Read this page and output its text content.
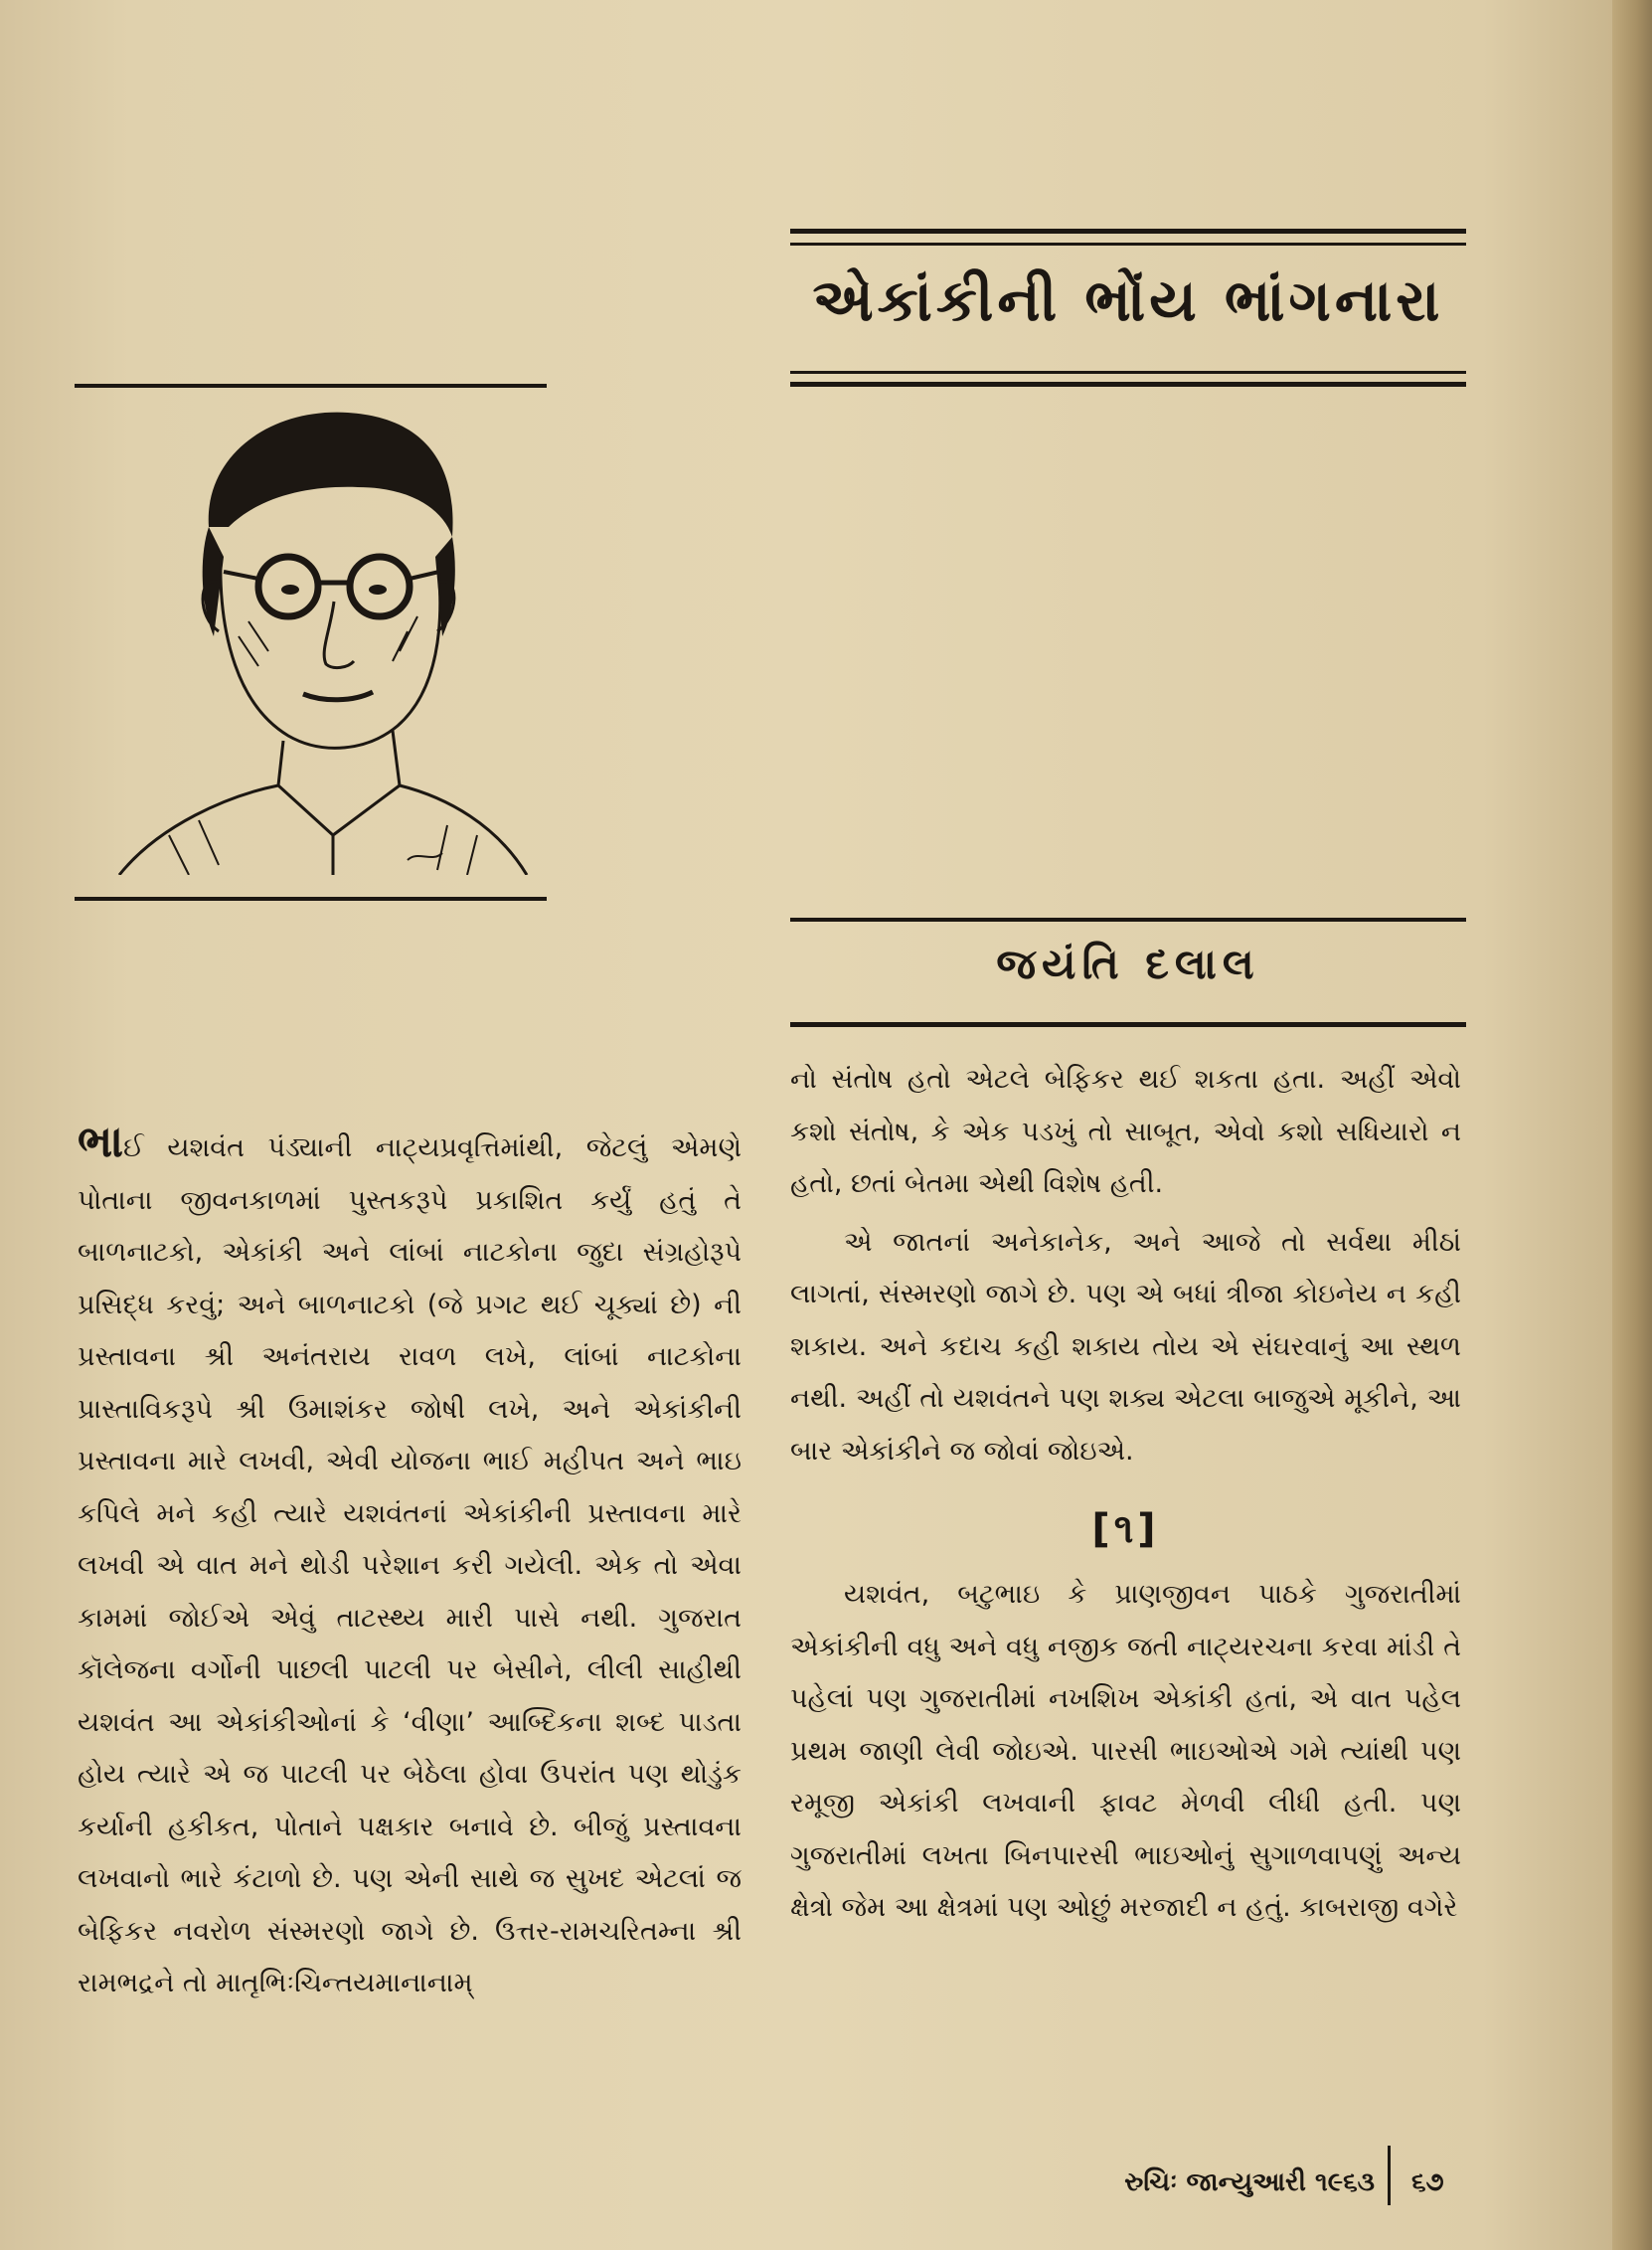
એકાંકીની ભોંય ભાંગનારા
જયંતિ દલાલ

ભાઈ યશવંત પંડ્યાની નાટ્યપ્રવૃત્તિમાંથી, જેટલું એમણે પોતાના જીવનકાળમાં પુસ્તકરૂપે પ્રકાશિત કર્યું હતું તે બાળનાટકો, એકાંકી અને લાંબાં નાટકોના જુદા સંગ્રહોરૂપે પ્રસિદ્ધ કરવું; અને બાળનાટકો (જે પ્રગટ થઈ ચૂક્યાં છે) ની પ્રસ્તાવના શ્રી અનંતરાય રાવળ લખે, લાંબાં નાટકોના પ્રાસ્તાવિકરૂપે શ્રી ઉમાશંકર જોષી લખે, અને એકાંકીની પ્રસ્તાવના મારે લખવી, એવી યોજના ભાઈ મહીપત અને ભાઇ કપિલે મને કહી ત્યારે યશવંતનાં એકાંકીની પ્રસ્તાવના મારે લખવી એ વાત મને થોડી પરેશાન કરી ગયેલી. એક તો એવા કામમાં જોઈએ એવું તાટસ્થ્ય મારી પાસે નથી. ગુજરાત કૉલેજના વર્ગોની પાછલી પાટલી પર બેસીને, લીલી સાહીથી યશવંત આ એકાંકીઓનાં કે ‘વીણા’ આબ્દિકના શબ્દ પાડતા હોય ત્યારે એ જ પાટલી પર બેઠેલા હોવા ઉપરાંત પણ થોડુંક કર્યાની હકીકત, પોતાને પક્ષકાર બનાવે છે. બીજું પ્રસ્તાવના લખવાનો ભારે કંટાળો છે. પણ એની સાથે જ સુખદ એટલાં જ બેફિકર નવરોળ સંસ્મરણો જાગે છે. ઉત્તર-રામચરિતમ્ના શ્રી રામભદ્રને તો માતૃભિઃચિન્તયમાનાનામ્

નો સંતોષ હતો એટલે બેફિકર થઈ શકતા હતા. અહીં એવો કશો સંતોષ, કે એક પડખું તો સાબૂત, એવો કશો સધિયારો ન હતો, છતાં બેતમા એથી વિશેષ હતી.

એ જાતનાં અનેકાનેક, અને આજે તો સર્વથા મીઠાં લાગતાં, સંસ્મરણો જાગે છે. પણ એ બધાં ત્રીજા કોઇનેય ન કહી શકાય. અને કદાચ કહી શકાય તોય એ સંઘરવાનું આ સ્થળ નથી. અહીં તો યશવંતને પણ શક્ય એટલા બાજુએ મૂકીને, આ બાર એકાંકીને જ જોવાં જોઇએ.

[૧]

યશવંત, બટુભાઇ કે પ્રાણજીવન પાઠકે ગુજરાતીમાં એકાંકીની વધુ અને વધુ નજીક જતી નાટ્યરચના કરવા માંડી તે પહેલાં પણ ગુજરાતીમાં નખશિખ એકાંકી હતાં, એ વાત પહેલ પ્રથમ જાણી લેવી જોઇએ. પારસી ભાઇઓએ ગમે ત્યાંથી પણ રમૂજી એકાંકી લખવાની ફાવટ મેળવી લીધી હતી. પણ ગુજરાતીમાં લખતા બિનપારસી ભાઇઓનું સુગાળવાપણું અન્ય ક્ષેત્રો જેમ આ ક્ષેત્રમાં પણ ઓછું મરજાદી ન હતું. કાબરાજી વગેરે

રુચિઃ જાન્યુઆરી ૧૯૬૩ ૬૭
